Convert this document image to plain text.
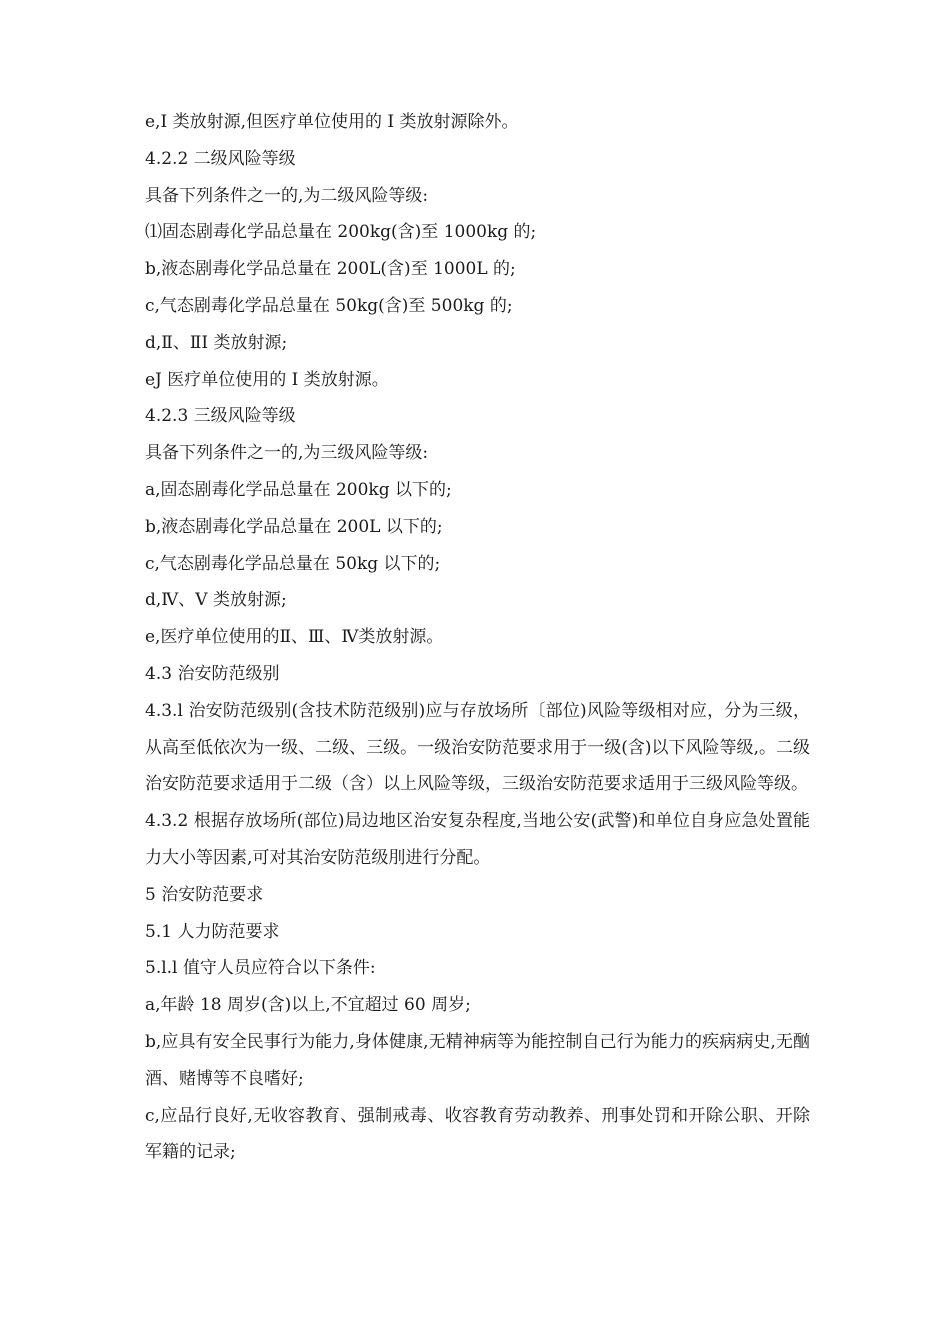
e,I 类放射源,但医疗单位使用的 I 类放射源除外。
4.2.2 二级风险等级
具备下列条件之一的,为二级风险等级:
⑴固态剧毒化学品总量在 200kg(含)至 1000kg 的;
b,液态剧毒化学品总量在 200L(含)至 1000L 的;
c,气态剧毒化学品总量在 50kg(含)至 500kg 的;
d,Ⅱ、ⅡI 类放射源;
eJ 医疗单位使用的 I 类放射源。
4.2.3 三级风险等级
具备下列条件之一的,为三级风险等级:
a,固态剧毒化学品总量在 200kg 以下的;
b,液态剧毒化学品总量在 200L 以下的;
c,气态剧毒化学品总量在 50kg 以下的;
d,Ⅳ、V 类放射源;
e,医疗单位使用的Ⅱ、Ⅲ、Ⅳ类放射源。
4.3 治安防范级别
4.3.l 治安防范级别(含技术防范级别)应与存放场所〔部位)风险等级相对应，分为三级，从高至低依次为一级、二级、三级。一级治安防范要求用于一级(含)以下风险等级,。二级治安防范要求适用于二级（含）以上风险等级，三级治安防范要求适用于三级风险等级。
4.3.2 根据存放场所(部位)局边地区治安复杂程度,当地公安(武警)和单位自身应急处置能力大小等因素,可对其治安防范级刖进行分配。
5 治安防范要求
5.1 人力防范要求
5.l.l 值守人员应符合以下条件:
a,年龄 18 周岁(含)以上,不宜超过 60 周岁;
b,应具有安全民事行为能力,身体健康,无精神病等为能控制自己行为能力的疾病病史,无酗酒、赌博等不良嗜好;
c,应品行良好,无收容教育、强制戒毒、收容教育劳动教养、刑事处罚和开除公职、开除军籍的记录;
